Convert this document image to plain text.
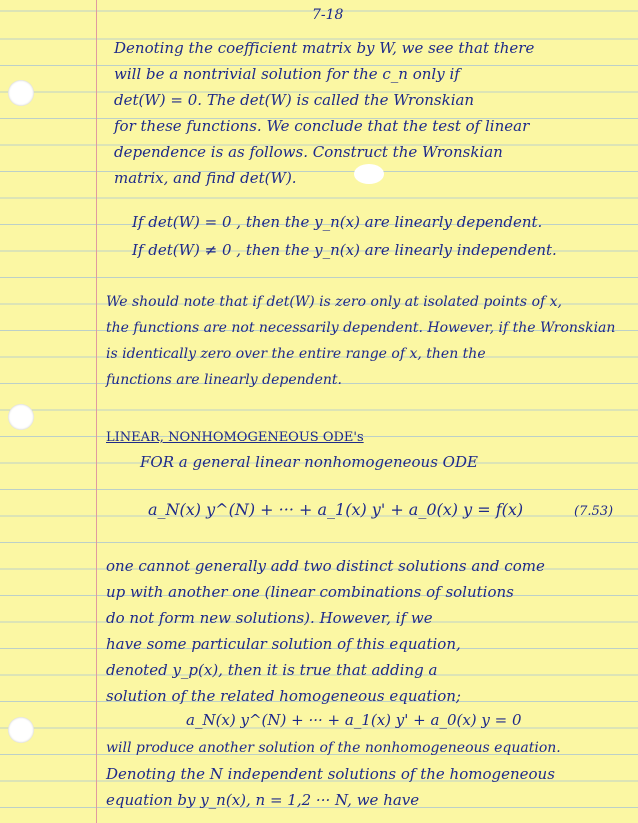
7-18
Denoting the coefficient matrix by W, we see that there
will be a nontrivial solution for the c_n only if
det(W) = 0. The det(W) is called the Wronskian
for these functions. We conclude that the test of linear
dependence is as follows. Construct the Wronskian
matrix, and find det(W).
If det(W) = 0 , then the y_n(x) are linearly dependent.
If det(W) ≠ 0 , then the y_n(x) are linearly independent.
We should note that if det(W) is zero only at isolated points of x,
the functions are not necessarily dependent. However, if the Wronskian
is identically zero over the entire range of x, then the
functions are linearly dependent.
LINEAR, NONHOMOGENEOUS ODE's
FOR a general linear nonhomogeneous ODE
a_N(x) y^(N) + ··· + a_1(x) y' + a_0(x) y = f(x)	(7.53)
one cannot generally add two distinct solutions and come
up with another one (linear combinations of solutions
do not form new solutions). However, if we
have some particular solution of this equation,
denoted y_p(x), then it is true that adding a
solution of the related homogeneous equation;
a_N(x) y^(N) + ··· + a_1(x) y' + a_0(x) y = 0
will produce another solution of the nonhomogeneous equation.
Denoting the N independent solutions of the homogeneous
equation by y_n(x), n = 1,2 ··· N, we have
